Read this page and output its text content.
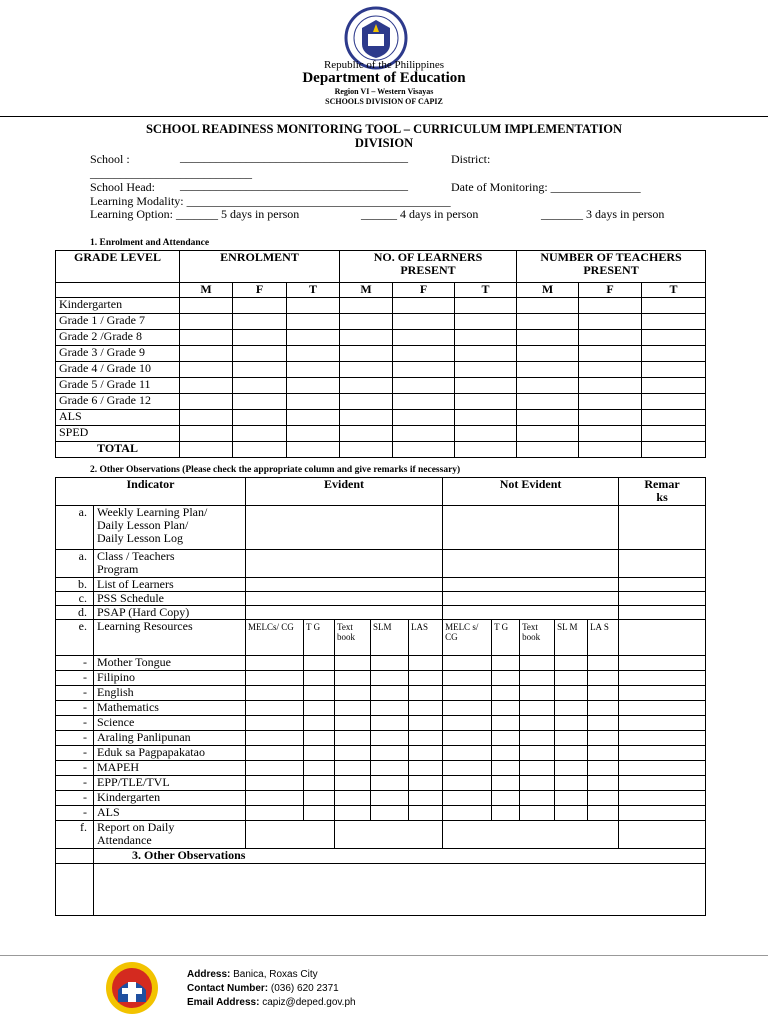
Republic of the Philippines
Department of Education
Region VI – Western Visayas
SCHOOLS DIVISION OF CAPIZ
SCHOOL READINESS MONITORING TOOL – CURRICULUM IMPLEMENTATION
DIVISION
School :	______________________________________	District:
___________________________
School Head: ______________________________________	Date of Monitoring: _______________
Learning Modality: ____________________________________________
Learning Option: _______ 5 days in person	______ 4 days in person	_______ 3 days in person
1. Enrolment and Attendance
GRADE LEVEL	ENROLMENT			NO. OF LEARNERS
PRESENT			NUMBER OF TEACHERS
PRESENT		
	M	F	T	M	F	T	M	F	T
Kindergarten									
Grade 1 / Grade 7									
Grade 2 /Grade 8									
Grade 3 / Grade 9									
Grade 4 / Grade 10									
Grade 5 / Grade 11									
Grade 6 / Grade 12									
ALS									
SPED									
TOTAL									
2. Other Observations (Please check the appropriate column and give remarks if necessary)
Indicator		Evident					Not Evident					Remar
ks
a.	Weekly Learning Plan/
Daily Lesson Plan/
Daily Lesson Log											
a.	Class / Teachers
Program											
b.	List of Learners											
c.	PSS Schedule											
d.	PSAP (Hard Copy)											
e.	Learning Resources	MELCs/ CG	T G	Text book	SLM	LAS	MELC s/ CG	T G	Text book	SL M	LA S	
-	Mother Tongue											
-	Filipino											
-	English											
-	Mathematics											
-	Science											
-	Araling Panlipunan											
-	Eduk sa Pagpapakatao											
-	MAPEH											
-	EPP/TLE/TVL											
-	Kindergarten											
-	ALS											
f.	Report on Daily
Attendance											
	3. Other Observations											

Address: Banica, Roxas City
Contact Number: (036) 620 2371
Email Address: capiz@deped.gov.ph
